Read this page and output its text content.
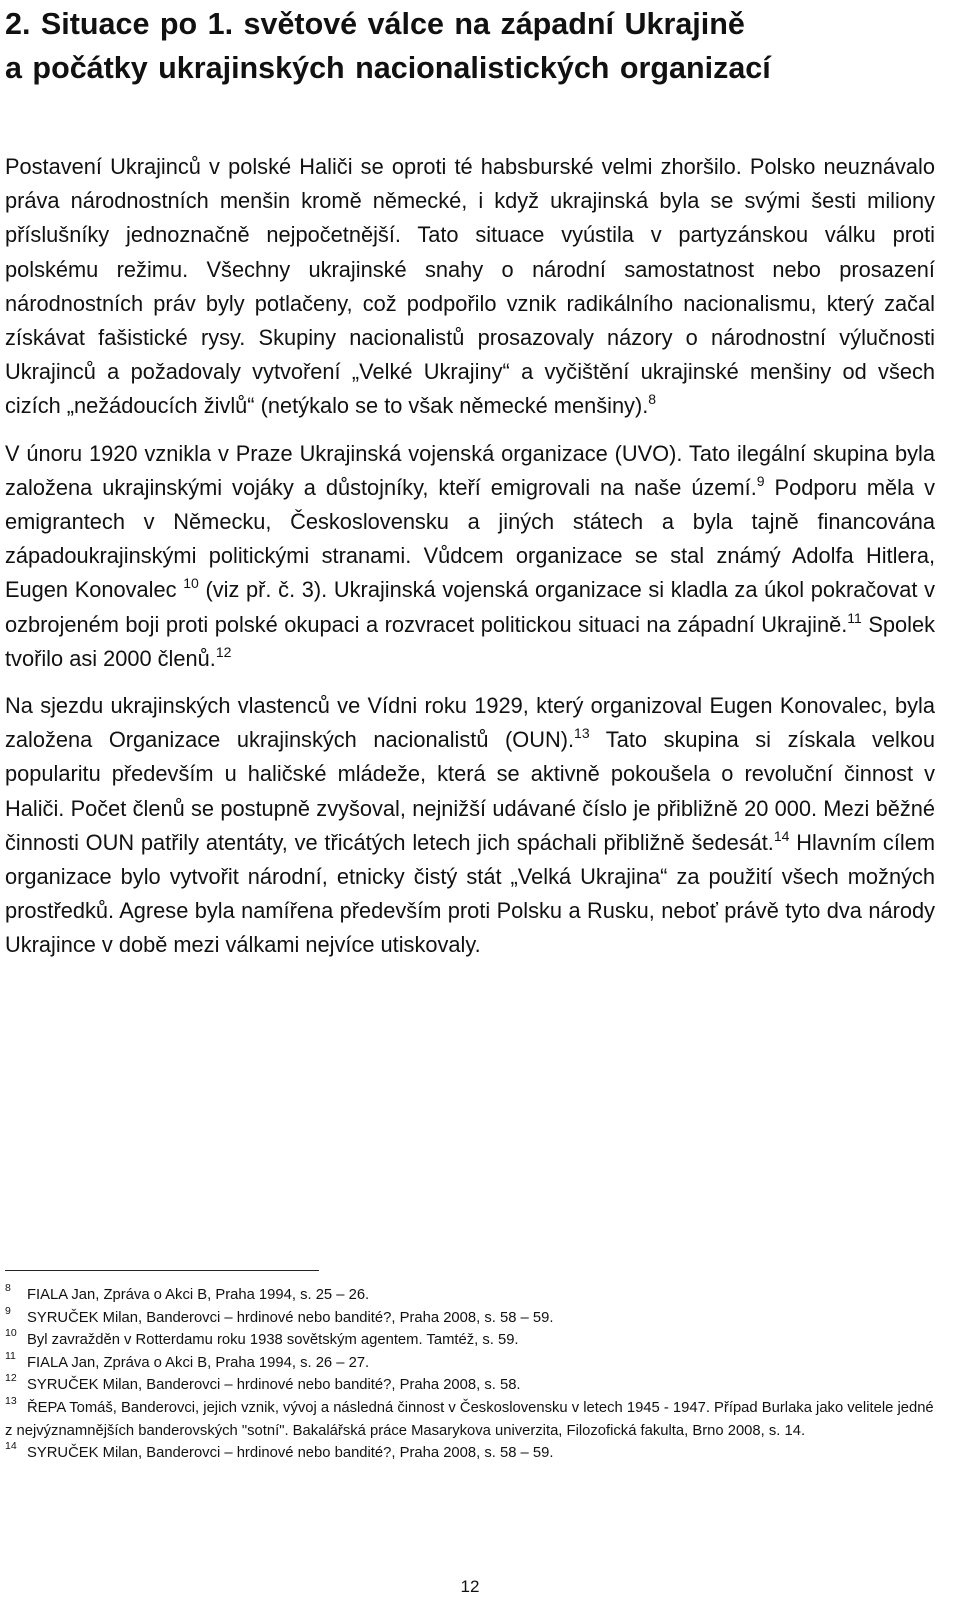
2. Situace po 1. světové válce na západní Ukrajině
a počátky ukrajinských nacionalistických organizací

Postavení Ukrajinců v polské Haliči se oproti té habsburské velmi zhoršilo. Polsko neuznávalo práva národnostních menšin kromě německé, i když ukrajinská byla se svými šesti miliony příslušníky jednoznačně nejpočetnější. Tato situace vyústila v partyzánskou válku proti polskému režimu. Všechny ukrajinské snahy o národní samostatnost nebo prosazení národnostních práv byly potlačeny, což podpořilo vznik radikálního nacionalismu, který začal získávat fašistické rysy. Skupiny nacionalistů prosazovaly názory o národnostní výlučnosti Ukrajinců a požadovaly vytvoření „Velké Ukrajiny“ a vyčištění ukrajinské menšiny od všech cizích „nežádoucích živlů“ (netýkalo se to však německé menšiny).$^8$

V únoru 1920 vznikla v Praze Ukrajinská vojenská organizace (UVO). Tato ilegální skupina byla založena ukrajinskými vojáky a důstojníky, kteří emigrovali na naše území.$^9$ Podporu měla v emigrantech v Německu, Československu a jiných státech a byla tajně financována západoukrajinskými politickými stranami. Vůdcem organizace se stal známý Adolfa Hitlera, Eugen Konovalec $^{10}$ (viz př. č. 3). Ukrajinská vojenská organizace si kladla za úkol pokračovat v ozbrojeném boji proti polské okupaci a rozvracet politickou situaci na západní Ukrajině.$^{11}$ Spolek tvořilo asi 2000 členů.$^{12}$

Na sjezdu ukrajinských vlastenců ve Vídni roku 1929, který organizoval Eugen Konovalec, byla založena Organizace ukrajinských nacionalistů (OUN).$^{13}$ Tato skupina si získala velkou popularitu především u haličské mládeže, která se aktivně pokoušela o revoluční činnost v Haliči. Počet členů se postupně zvyšoval, nejnižší udávané číslo je přibližně 20 000. Mezi běžné činnosti OUN patřily atentáty, ve třicátých letech jich spáchali přibližně šedesát.$^{14}$ Hlavním cílem organizace bylo vytvořit národní, etnicky čistý stát „Velká Ukrajina“ za použití všech možných prostředků. Agrese byla namířena především proti Polsku a Rusku, neboť právě tyto dva národy Ukrajince v době mezi válkami nejvíce utiskovaly.

8 FIALA Jan, Zpráva o Akci B, Praha 1994, s. 25 – 26.

9 SYRUČEK Milan, Banderovci – hrdinové nebo bandité?, Praha 2008, s. 58 – 59.

10 Byl zavražděn v Rotterdamu roku 1938 sovětským agentem. Tamtéž, s. 59.

11 FIALA Jan, Zpráva o Akci B, Praha 1994, s. 26 – 27.

12 SYRUČEK Milan, Banderovci – hrdinové nebo bandité?, Praha 2008, s. 58.

13 ŘEPA Tomáš, Banderovci, jejich vznik, vývoj a následná činnost v Československu v letech 1945 - 1947. Případ Burlaka jako velitele jedné z nejvýznamnějších banderovských "sotní". Bakalářská práce Masarykova univerzita, Filozofická fakulta, Brno 2008, s. 14.

14 SYRUČEK Milan, Banderovci – hrdinové nebo bandité?, Praha 2008, s. 58 – 59.

12
